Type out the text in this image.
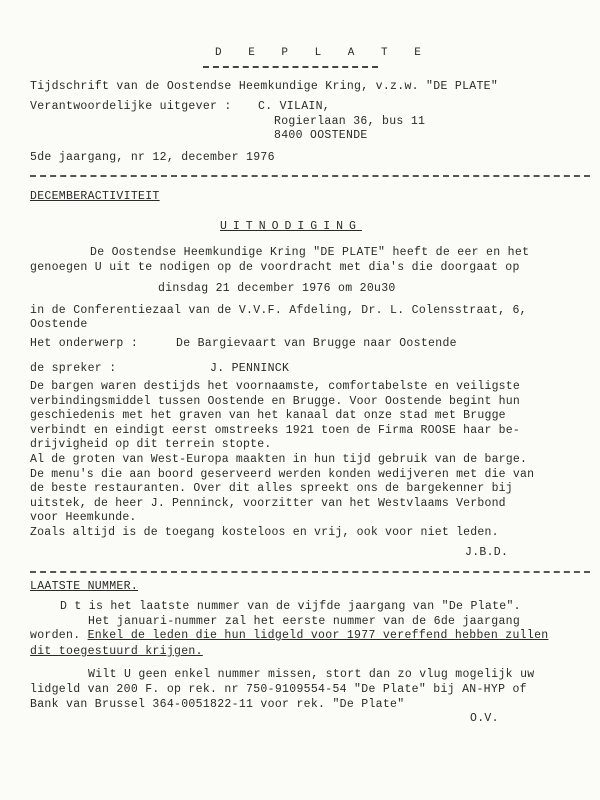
D E P L A T E
Tijdschrift van de Oostendse Heemkundige Kring, v.z.w. "DE PLATE"
Verantwoordelijke uitgever : C. VILAIN,
Rogierlaan 36, bus 11
8400 OOSTENDE
5de jaargang, nr 12, december 1976
DECEMBERACTIVITEIT
UITNODIGING
De Oostendse Heemkundige Kring "DE PLATE" heeft de eer en het
genoegen U uit te nodigen op de voordracht met dia's die doorgaat op
dinsdag 21 december 1976 om 20u30
in de Conferentiezaal van de V.V.F. Afdeling, Dr. L. Colensstraat, 6,
Oostende
Het onderwerp :	De Bargievaart van Brugge naar Oostende
de spreker :	J. PENNINCK
De bargen waren destijds het voornaamste, comfortabelste en veiligste
verbindingsmiddel tussen Oostende en Brugge. Voor Oostende begint hun
geschiedenis met het graven van het kanaal dat onze stad met Brugge
verbindt en eindigt eerst omstreeks 1921 toen de Firma ROOSE haar be-
drijvigheid op dit terrein stopte.
Al de groten van West-Europa maakten in hun tijd gebruik van de barge.
De menu's die aan boord geserveerd werden konden wedijveren met die van
de beste restauranten. Over dit alles spreekt ons de bargekenner bij
uitstek, de heer J. Penninck, voorzitter van het Westvlaams Verbond
voor Heemkunde.
Zoals altijd is de toegang kosteloos en vrij, ook voor niet leden.
J.B.D.
LAATSTE NUMMER.
D t is het laatste nummer van de vijfde jaargang van "De Plate".
Het januari-nummer zal het eerste nummer van de 6de jaargang
worden. Enkel de leden die hun lidgeld voor 1977 vereffend hebben zullen
dit toegestuurd krijgen.
Wilt U geen enkel nummer missen, stort dan zo vlug mogelijk uw
lidgeld van 200 F. op rek. nr 750-9109554-54 "De Plate" bij AN-HYP of
Bank van Brussel 364-0051822-11 voor rek. "De Plate"
O.V.
